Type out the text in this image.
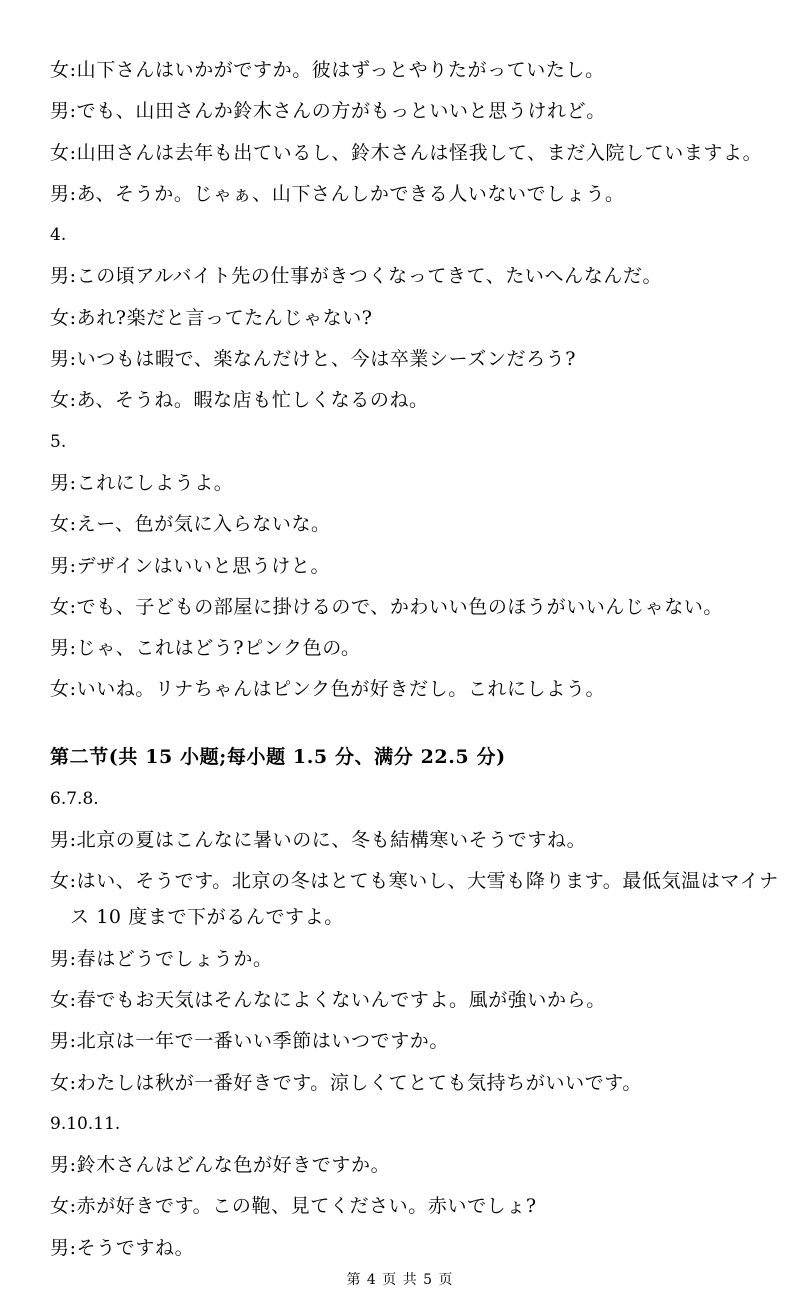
女:山下さんはいかがですか。彼はずっとやりたがっていたし。
男:でも、山田さんか鈴木さんの方がもっといいと思うけれど。
女:山田さんは去年も出ているし、鈴木さんは怪我して、まだ入院していますよ。
男:あ、そうか。じゃぁ、山下さんしかできる人いないでしょう。
4.
男:この頃アルバイト先の仕事がきつくなってきて、たいへんなんだ。
女:あれ?楽だと言ってたんじゃない?
男:いつもは暇で、楽なんだけと、今は卒業シーズンだろう?
女:あ、そうね。暇な店も忙しくなるのね。
5.
男:これにしようよ。
女:えー、色が気に入らないな。
男:デザインはいいと思うけと。
女:でも、子どもの部屋に掛けるので、かわいい色のほうがいいんじゃない。
男:じゃ、これはどう?ピンク色の。
女:いいね。リナちゃんはピンク色が好きだし。これにしよう。
第二节(共 15 小题;每小题 1.5 分、满分 22.5 分)
6.7.8.
男:北京の夏はこんなに暑いのに、冬も結構寒いそうですね。
女:はい、そうです。北京の冬はとても寒いし、大雪も降ります。最低気温はマイナ
ス 10 度まで下がるんですよ。
男:春はどうでしょうか。
女:春でもお天気はそんなによくないんですよ。風が強いから。
男:北京は一年で一番いい季節はいつですか。
女:わたしは秋が一番好きです。涼しくてとても気持ちがいいです。
9.10.11.
男:鈴木さんはどんな色が好きですか。
女:赤が好きです。この鞄、見てください。赤いでしょ?
男:そうですね。
第 4 页 共 5 页
